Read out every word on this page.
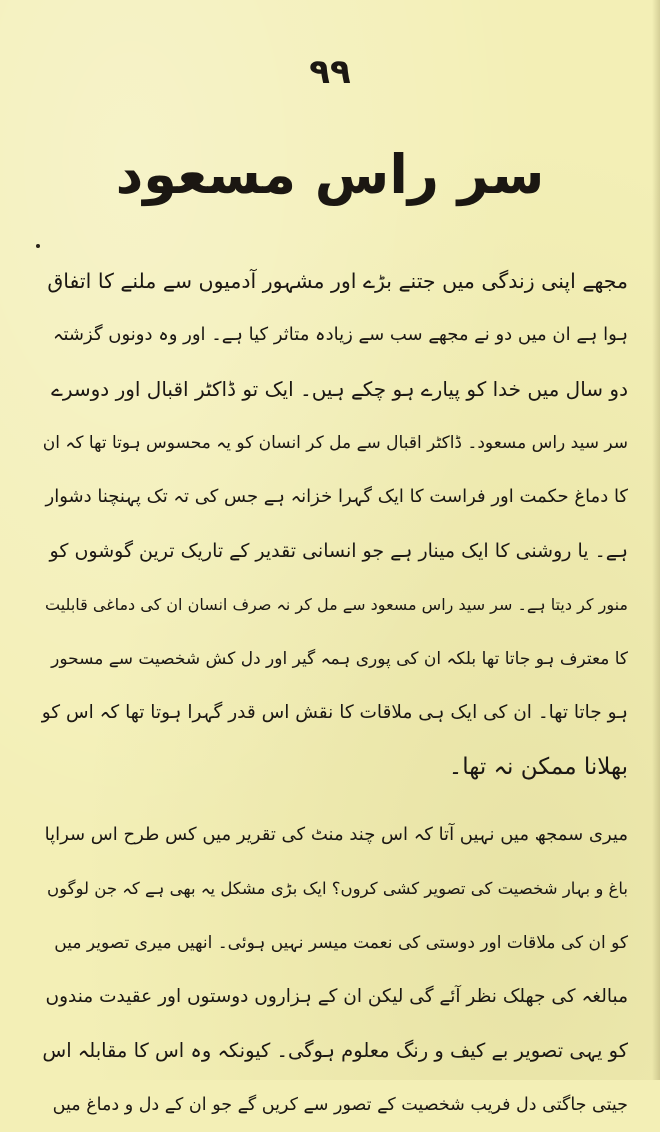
۹۹
سر راس مسعود
مجھے اپنی زندگی میں جتنے بڑے اور مشہور آدمیوں سے ملنے کا اتفاق
ہوا ہے ان میں دو نے مجھے سب سے زیادہ متاثر کیا ہے۔ اور وہ دونوں گزشتہ
دو سال میں خدا کو پیارے ہو چکے ہیں۔ ایک تو ڈاکٹر اقبال اور دوسرے
سر سید راس مسعود۔ ڈاکٹر اقبال سے مل کر انسان کو یہ محسوس ہوتا تھا کہ ان
کا دماغ حکمت اور فراست کا ایک گہرا خزانہ ہے جس کی تہ تک پہنچنا دشوار
ہے۔ یا روشنی کا ایک مینار ہے جو انسانی تقدیر کے تاریک ترین گوشوں کو
منور کر دیتا ہے۔ سر سید راس مسعود سے مل کر نہ صرف انسان ان کی دماغی قابلیت
کا معترف ہو جاتا تھا بلکہ ان کی پوری ہمہ گیر اور دل کش شخصیت سے مسحور
ہو جاتا تھا۔ ان کی ایک ہی ملاقات کا نقش اس قدر گہرا ہوتا تھا کہ اس کو
بھلانا ممکن نہ تھا۔
میری سمجھ میں نہیں آتا کہ اس چند منٹ کی تقریر میں کس طرح اس سراپا
باغ و بہار شخصیت کی تصویر کشی کروں؟ ایک بڑی مشکل یہ بھی ہے کہ جن لوگوں
کو ان کی ملاقات اور دوستی کی نعمت میسر نہیں ہوئی۔ انھیں میری تصویر میں
مبالغہ کی جھلک نظر آئے گی لیکن ان کے ہزاروں دوستوں اور عقیدت مندوں
کو یہی تصویر بے کیف و رنگ معلوم ہوگی۔ کیونکہ وہ اس کا مقابلہ اس
جیتی جاگتی دل فریب شخصیت کے تصور سے کریں گے جو ان کے دل و دماغ میں
